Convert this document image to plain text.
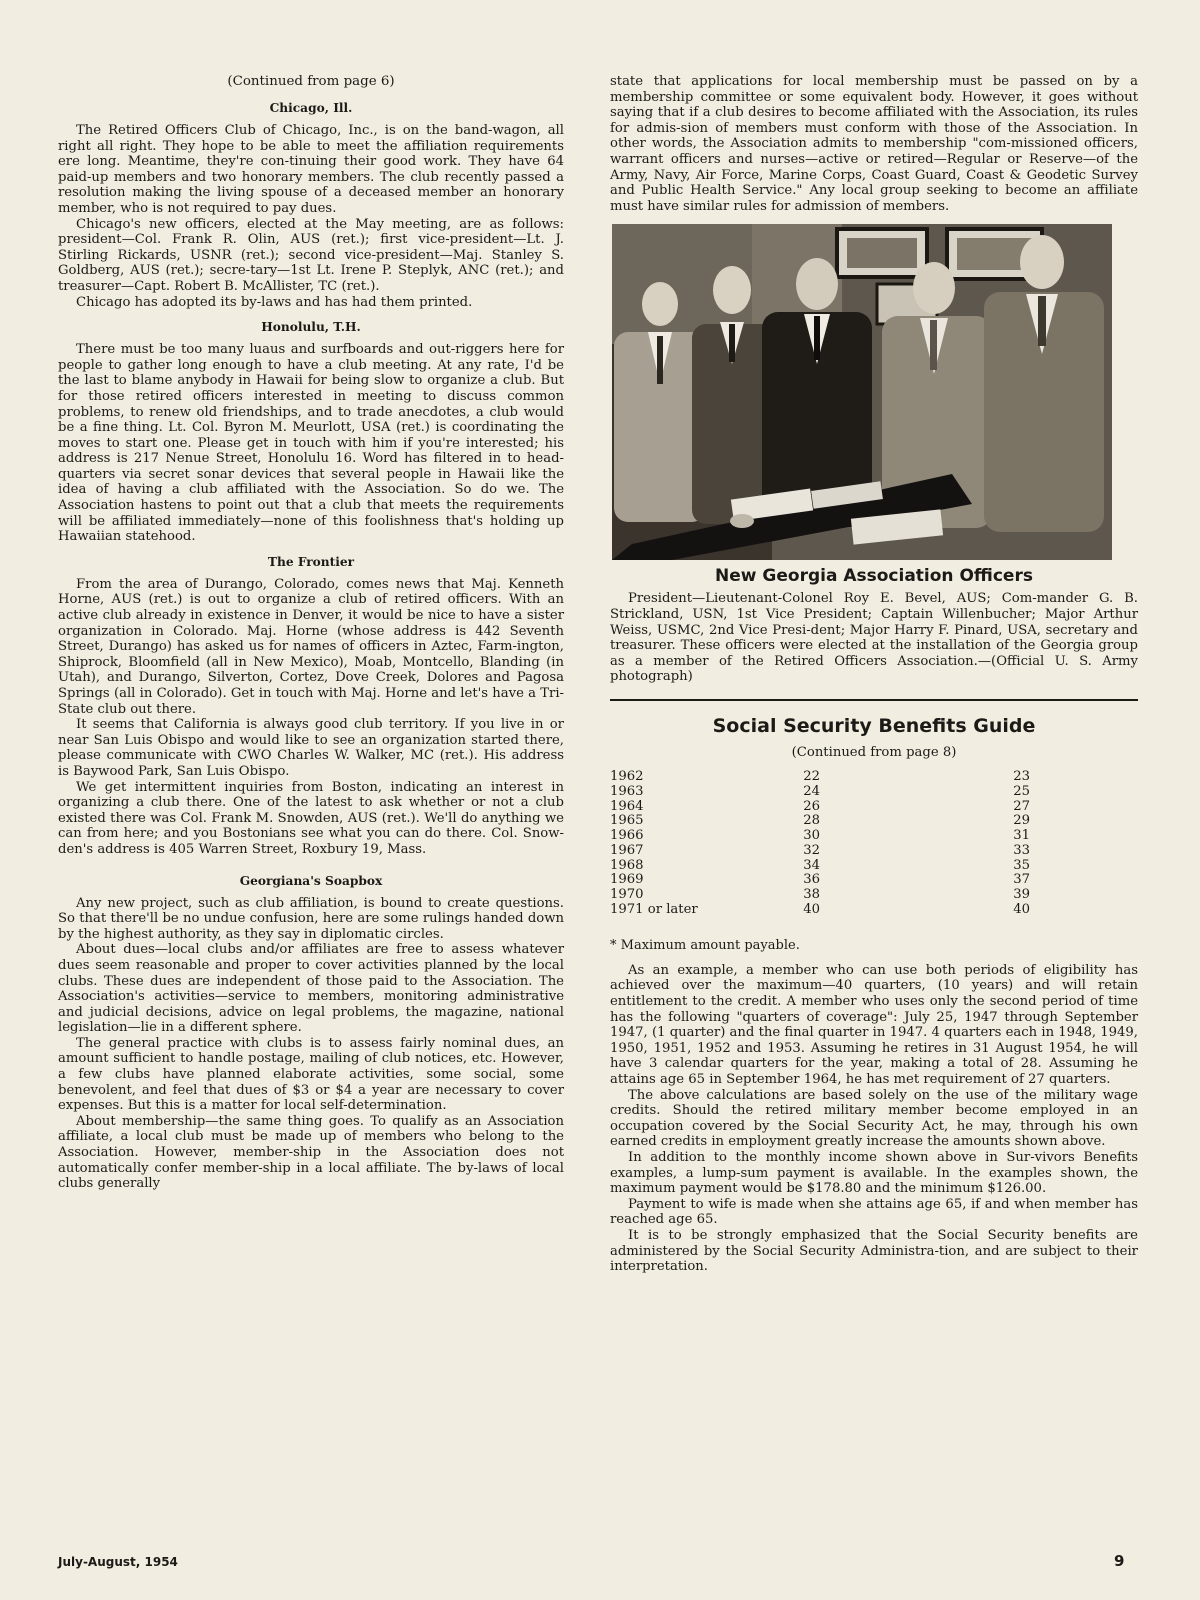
(Continued from page 6)
Chicago, Ill.

The Retired Officers Club of Chicago, Inc., is on the band-wagon, all right all right. They hope to be able to meet the affiliation requirements ere long. Meantime, they're con-tinuing their good work. They have 64 paid-up members and two honorary members. The club recently passed a resolution making the living spouse of a deceased member an honorary member, who is not required to pay dues.

Chicago's new officers, elected at the May meeting, are as follows: president—Col. Frank R. Olin, AUS (ret.); first vice-president—Lt. J. Stirling Rickards, USNR (ret.); second vice-president—Maj. Stanley S. Goldberg, AUS (ret.); secre-tary—1st Lt. Irene P. Steplyk, ANC (ret.); and treasurer—Capt. Robert B. McAllister, TC (ret.).

Chicago has adopted its by-laws and has had them printed.

Honolulu, T.H.

There must be too many luaus and surfboards and out-riggers here for people to gather long enough to have a club meeting. At any rate, I'd be the last to blame anybody in Hawaii for being slow to organize a club. But for those retired officers interested in meeting to discuss common problems, to renew old friendships, and to trade anecdotes, a club would be a fine thing. Lt. Col. Byron M. Meurlott, USA (ret.) is coordinating the moves to start one. Please get in touch with him if you're interested; his address is 217 Nenue Street, Honolulu 16. Word has filtered in to head-quarters via secret sonar devices that several people in Hawaii like the idea of having a club affiliated with the Association. So do we. The Association hastens to point out that a club that meets the requirements will be affiliated immediately—none of this foolishness that's holding up Hawaiian statehood.

The Frontier

From the area of Durango, Colorado, comes news that Maj. Kenneth Horne, AUS (ret.) is out to organize a club of retired officers. With an active club already in existence in Denver, it would be nice to have a sister organization in Colorado. Maj. Horne (whose address is 442 Seventh Street, Durango) has asked us for names of officers in Aztec, Farm-ington, Shiprock, Bloomfield (all in New Mexico), Moab, Montcello, Blanding (in Utah), and Durango, Silverton, Cortez, Dove Creek, Dolores and Pagosa Springs (all in Colorado). Get in touch with Maj. Horne and let's have a Tri-State club out there.

It seems that California is always good club territory. If you live in or near San Luis Obispo and would like to see an organization started there, please communicate with CWO Charles W. Walker, MC (ret.). His address is Baywood Park, San Luis Obispo.

We get intermittent inquiries from Boston, indicating an interest in organizing a club there. One of the latest to ask whether or not a club existed there was Col. Frank M. Snowden, AUS (ret.). We'll do anything we can from here; and you Bostonians see what you can do there. Col. Snow-den's address is 405 Warren Street, Roxbury 19, Mass.

Georgiana's Soapbox

Any new project, such as club affiliation, is bound to create questions. So that there'll be no undue confusion, here are some rulings handed down by the highest authority, as they say in diplomatic circles.

About dues—local clubs and/or affiliates are free to assess whatever dues seem reasonable and proper to cover activities planned by the local clubs. These dues are independent of those paid to the Association. The Association's activities—service to members, monitoring administrative and judicial decisions, advice on legal problems, the magazine, national legislation—lie in a different sphere.

The general practice with clubs is to assess fairly nominal dues, an amount sufficient to handle postage, mailing of club notices, etc. However, a few clubs have planned elaborate activities, some social, some benevolent, and feel that dues of $3 or $4 a year are necessary to cover expenses. But this is a matter for local self-determination.

About membership—the same thing goes. To qualify as an Association affiliate, a local club must be made up of members who belong to the Association. However, member-ship in the Association does not automatically confer member-ship in a local affiliate. The by-laws of local clubs generally

state that applications for local membership must be passed on by a membership committee or some equivalent body. However, it goes without saying that if a club desires to become affiliated with the Association, its rules for admis-sion of members must conform with those of the Association. In other words, the Association admits to membership "com-missioned officers, warrant officers and nurses—active or retired—Regular or Reserve—of the Army, Navy, Air Force, Marine Corps, Coast Guard, Coast & Geodetic Survey and Public Health Service." Any local group seeking to become an affiliate must have similar rules for admission of members.

New Georgia Association Officers

President—Lieutenant-Colonel Roy E. Bevel, AUS; Com-mander G. B. Strickland, USN, 1st Vice President; Captain Willenbucher; Major Arthur Weiss, USMC, 2nd Vice Presi-dent; Major Harry F. Pinard, USA, secretary and treasurer. These officers were elected at the installation of the Georgia group as a member of the Retired Officers Association.—(Official U. S. Army photograph)

Social Security Benefits Guide
(Continued from page 8)
1962	22	23
1963	24	25
1964	26	27
1965	28	29
1966	30	31
1967	32	33
1968	34	35
1969	36	37
1970	38	39
1971 or later	40	40
* Maximum amount payable.

As an example, a member who can use both periods of eligibility has achieved over the maximum—40 quarters, (10 years) and will retain entitlement to the credit. A member who uses only the second period of time has the following "quarters of coverage": July 25, 1947 through September 1947, (1 quarter) and the final quarter in 1947. 4 quarters each in 1948, 1949, 1950, 1951, 1952 and 1953. Assuming he retires in 31 August 1954, he will have 3 calendar quarters for the year, making a total of 28. Assuming he attains age 65 in September 1964, he has met requirement of 27 quarters.

The above calculations are based solely on the use of the military wage credits. Should the retired military member become employed in an occupation covered by the Social Security Act, he may, through his own earned credits in employment greatly increase the amounts shown above.

In addition to the monthly income shown above in Sur-vivors Benefits examples, a lump-sum payment is available. In the examples shown, the maximum payment would be $178.80 and the minimum $126.00.

Payment to wife is made when she attains age 65, if and when member has reached age 65.

It is to be strongly emphasized that the Social Security benefits are administered by the Social Security Administra-tion, and are subject to their interpretation.

July-August, 1954	9
